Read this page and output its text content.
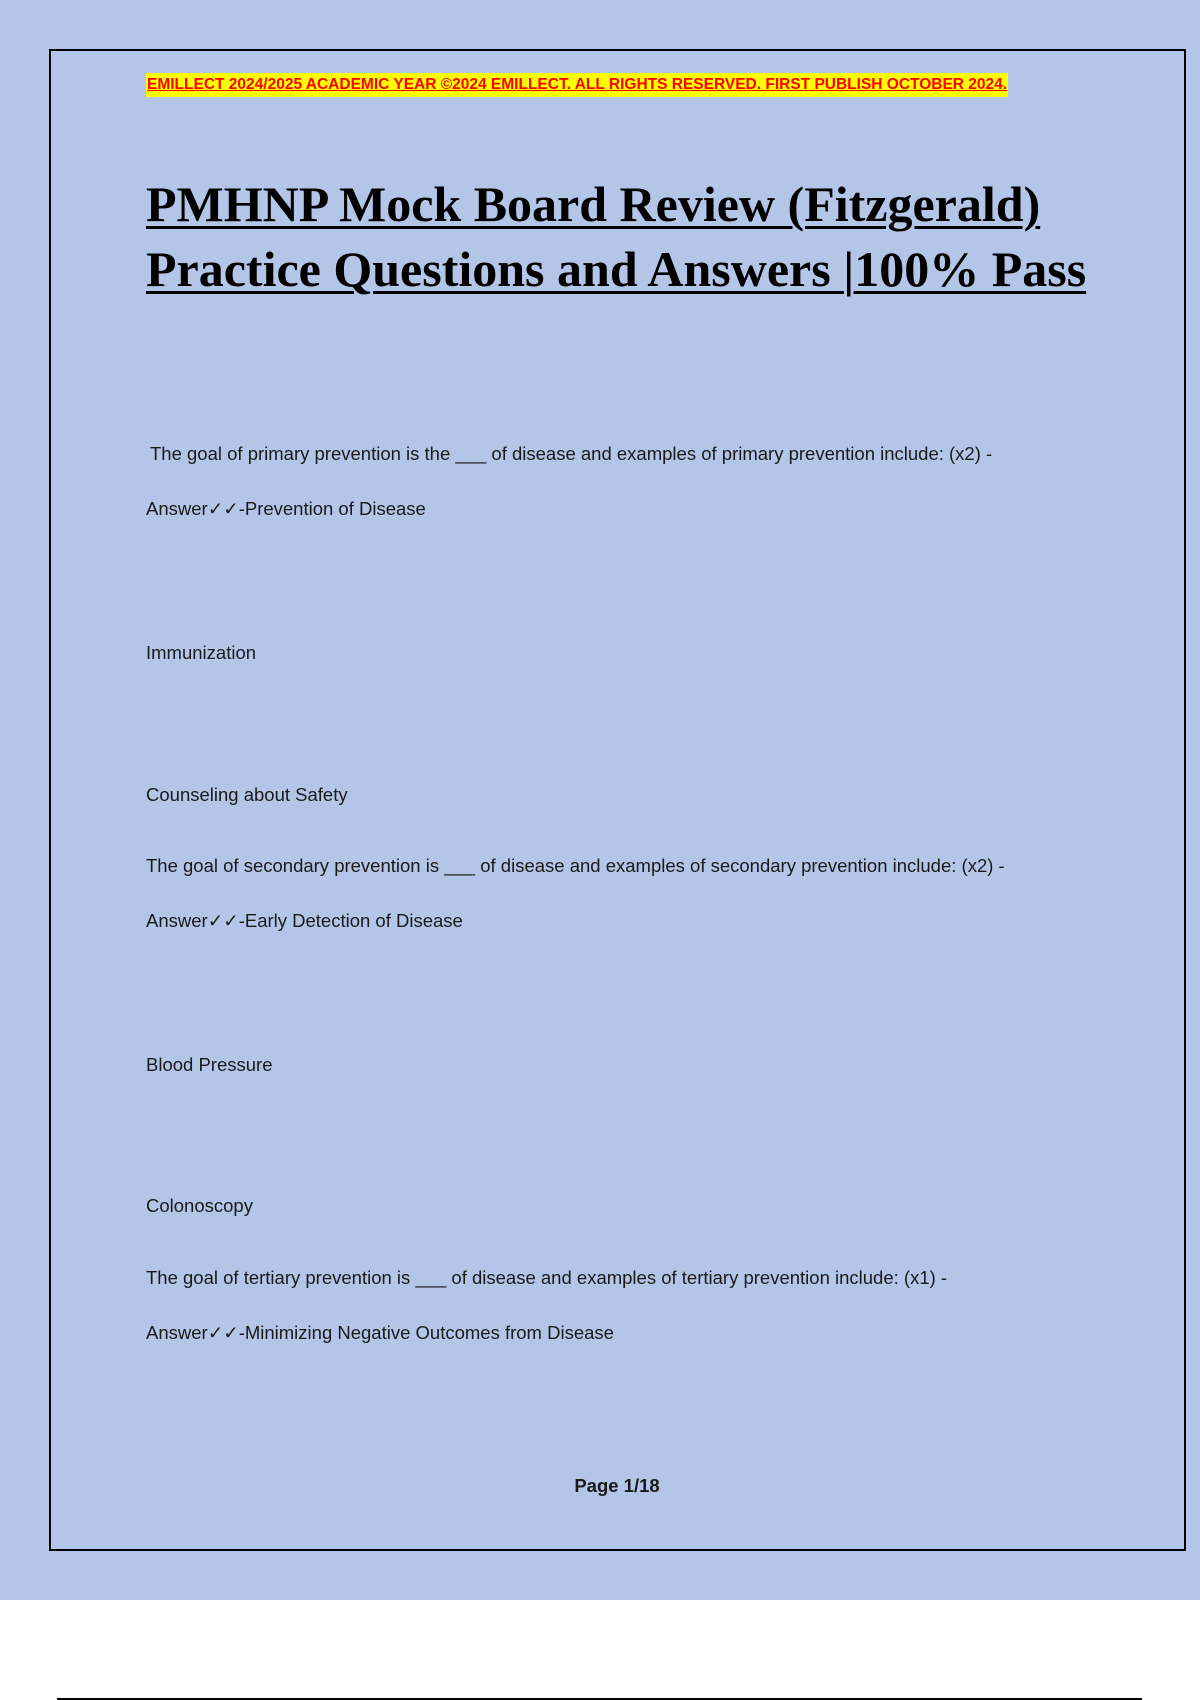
EMILLECT 2024/2025 ACADEMIC YEAR ©2024 EMILLECT. ALL RIGHTS RESERVED. FIRST PUBLISH OCTOBER 2024.
PMHNP Mock Board Review (Fitzgerald) Practice Questions and Answers |100% Pass

The goal of primary prevention is the ___ of disease and examples of primary prevention include: (x2) -

Answer✓✓-Prevention of Disease

Immunization

Counseling about Safety

The goal of secondary prevention is ___ of disease and examples of secondary prevention include: (x2) -

Answer✓✓-Early Detection of Disease

Blood Pressure

Colonoscopy

The goal of tertiary prevention is ___ of disease and examples of tertiary prevention include: (x1) -

Answer✓✓-Minimizing Negative Outcomes from Disease

Page 1/18
